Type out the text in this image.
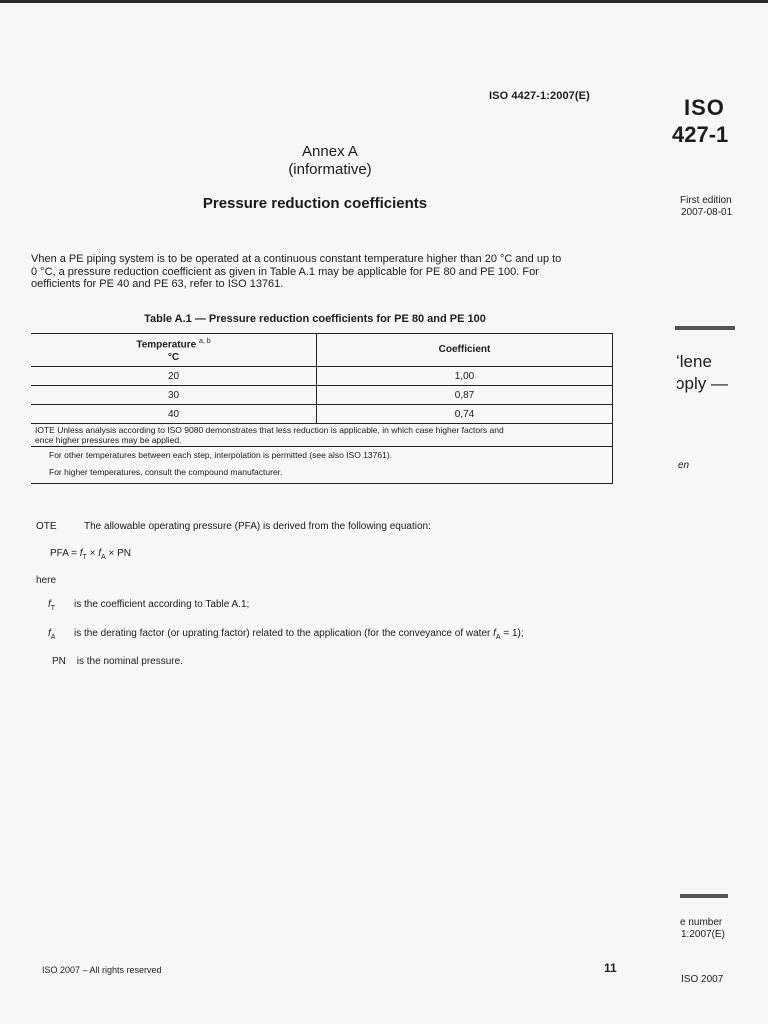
ISO 4427-1:2007(E)
Annex A
(informative)
Pressure reduction coefficients
Vhen a PE piping system is to be operated at a continuous constant temperature higher than 20 °C and up to
0 °C, a pressure reduction coefficient as given in Table A.1 may be applicable for PE 80 and PE 100. For
oefficients for PE 40 and PE 63, refer to ISO 13761.
Table A.1 — Pressure reduction coefficients for PE 80 and PE 100
Temperature $^{a, b}$
°C	Coefficient
20	1,00
30	0,87
40	0,74

IOTE Unless analysis according to ISO 9080 demonstrates that less reduction is applicable, in which case higher factors and
ence higher pressures may be applied.	

For other temperatures between each step, interpolation is permitted (see also ISO 13761).
For higher temperatures, consult the compound manufacturer.	
OTE	The allowable operating pressure (PFA) is derived from the following equation:
PFA = $f_T \times f_A$ × PN
here
$f_T$ is the coefficient according to Table A.1;
$f_A$ is the derating factor (or uprating factor) related to the application (for the conveyance of water $f_A = 1$);
PN is the nominal pressure.
ISO 2007 – All rights reserved	11
ISO
427-1
First edition
2007-08-01
ʻlene
ɔply —
en
e number
1:2007(E)
ISO 2007
